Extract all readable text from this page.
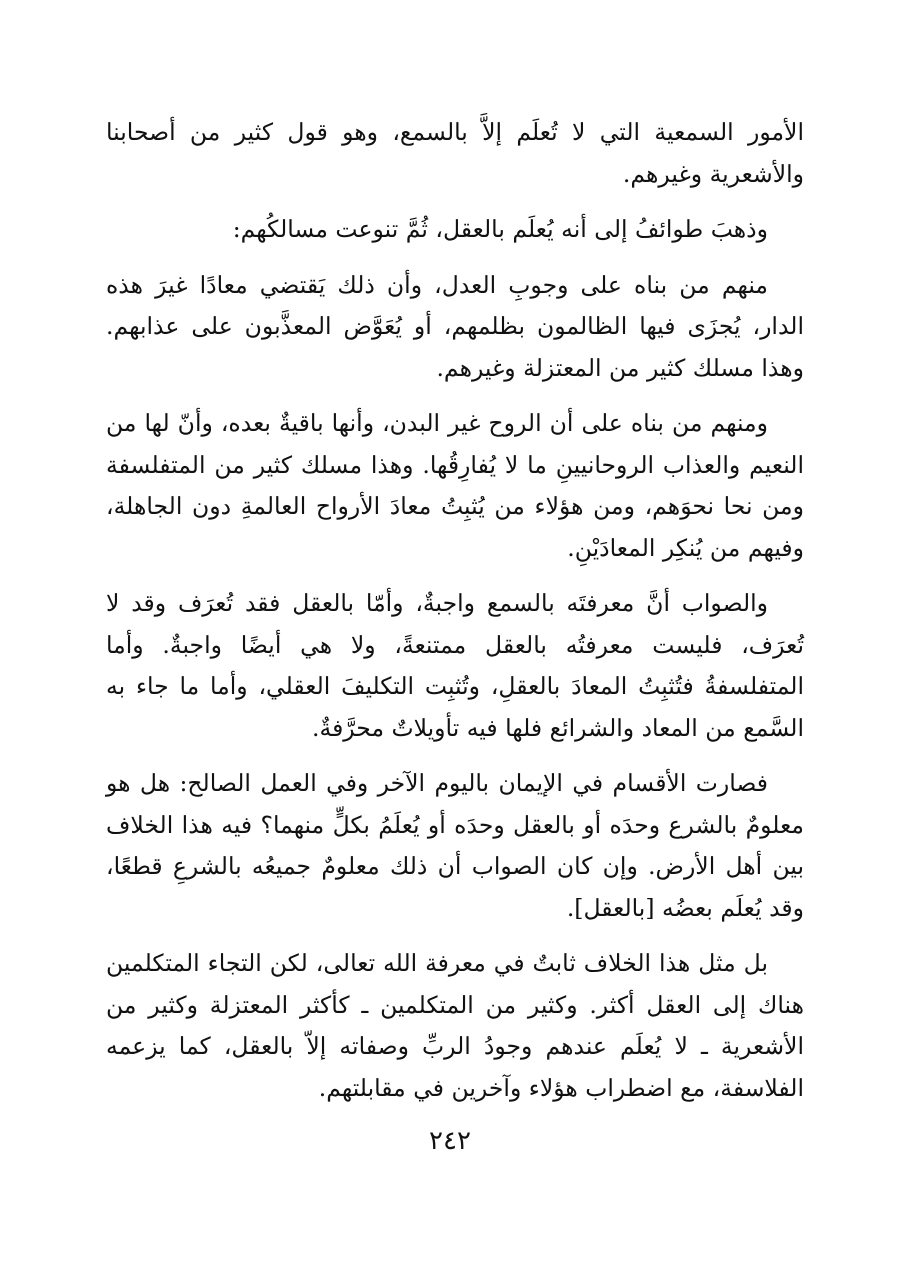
الأمور السمعية التي لا تُعلَم إلاَّ بالسمع، وهو قول كثير من أصحابنا والأشعرية وغيرهم.

وذهبَ طوائفُ إلى أنه يُعلَم بالعقل، ثُمَّ تنوعت مسالكُهم:

منهم من بناه على وجوبِ العدل، وأن ذلك يَقتضي معادًا غيرَ هذه الدار، يُجزَى فيها الظالمون بظلمهم، أو يُعَوَّض المعذَّبون على عذابهم. وهذا مسلك كثير من المعتزلة وغيرهم.

ومنهم من بناه على أن الروح غير البدن، وأنها باقيةٌ بعده، وأنّ لها من النعيم والعذاب الروحانيينِ ما لا يُفارِقُها. وهذا مسلك كثير من المتفلسفة ومن نحا نحوَهم، ومن هؤلاء من يُثبِتُ معادَ الأرواح العالمةِ دون الجاهلة، وفيهم من يُنكِر المعادَيْنِ.

والصواب أنَّ معرفتَه بالسمع واجبةٌ، وأمّا بالعقل فقد تُعرَف وقد لا تُعرَف، فليست معرفتُه بالعقل ممتنعةً، ولا هي أيضًا واجبةٌ. وأما المتفلسفةُ فتُثبِتُ المعادَ بالعقلِ، وتُثبِت التكليفَ العقلي، وأما ما جاء به السَّمع من المعاد والشرائع فلها فيه تأويلاتٌ محرَّفةٌ.

فصارت الأقسام في الإيمان باليوم الآخر وفي العمل الصالح: هل هو معلومٌ بالشرع وحدَه أو بالعقل وحدَه أو يُعلَمُ بكلٍّ منهما؟ فيه هذا الخلاف بين أهل الأرض. وإن كان الصواب أن ذلك معلومٌ جميعُه بالشرعِ قطعًا، وقد يُعلَم بعضُه [بالعقل].

بل مثل هذا الخلاف ثابتٌ في معرفة الله تعالى، لكن التجاء المتكلمين هناك إلى العقل أكثر. وكثير من المتكلمين ـ كأكثر المعتزلة وكثير من الأشعرية ـ لا يُعلَم عندهم وجودُ الربِّ وصفاته إلاّ بالعقل، كما يزعمه الفلاسفة، مع اضطراب هؤلاء وآخرين في مقابلتهم.

٢٤٢
